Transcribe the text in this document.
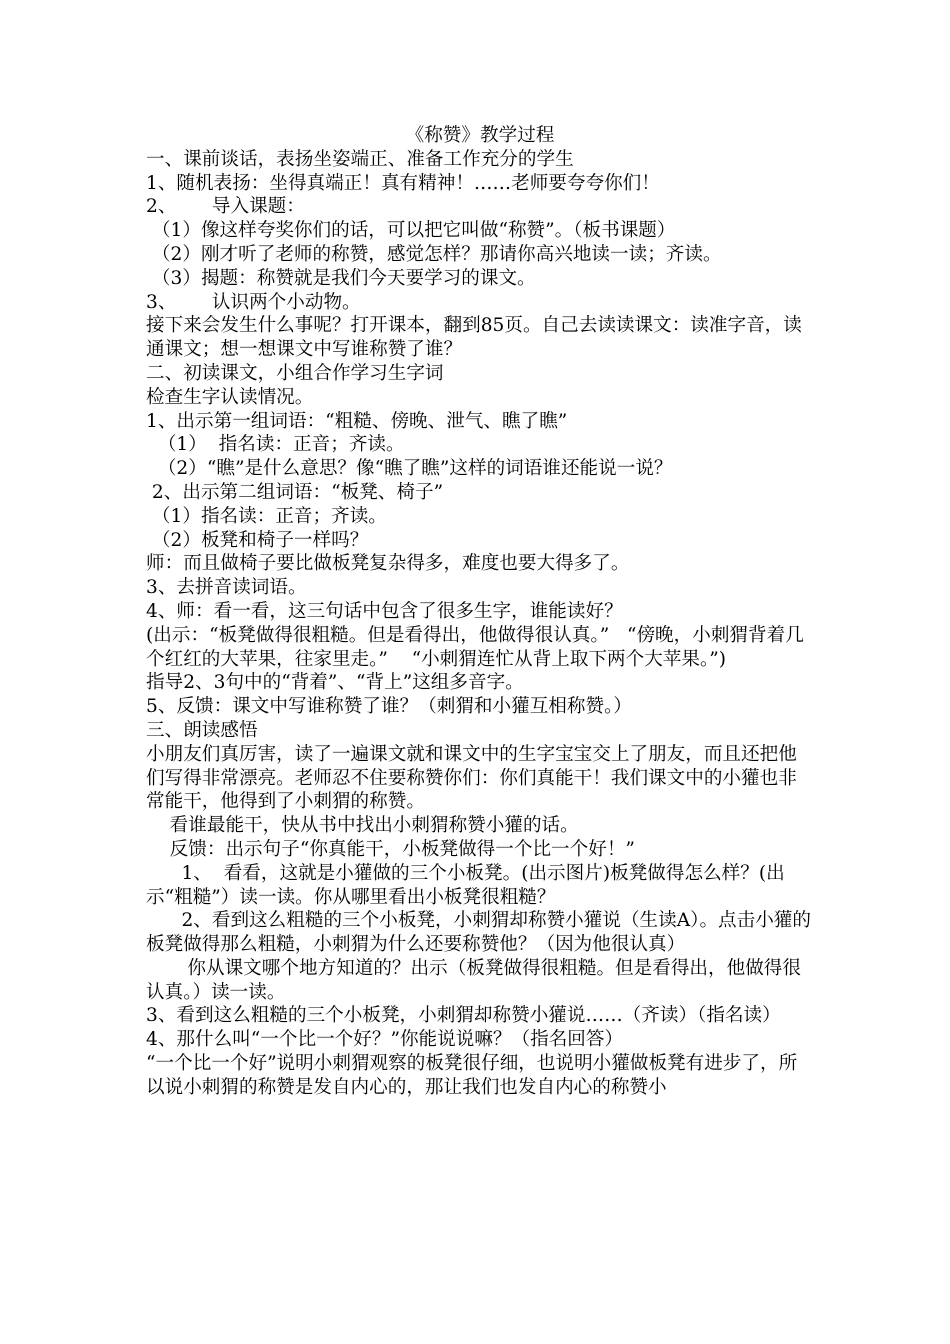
《称赞》教学过程

一、课前谈话，表扬坐姿端正、准备工作充分的学生

1、随机表扬：坐得真端正！真有精神！……老师要夸夸你们！

2、      导入课题：

（1）像这样夸奖你们的话，可以把它叫做“称赞”。（板书课题）

（2）刚才听了老师的称赞，感觉怎样？那请你高兴地读一读；齐读。

（3）揭题：称赞就是我们今天要学习的课文。

3、      认识两个小动物。

接下来会发生什么事呢？打开课本，翻到85页。自己去读读课文：读准字音，读通课文；想一想课文中写谁称赞了谁？

二、初读课文，小组合作学习生字词

检查生字认读情况。

1、出示第一组词语：“粗糙、傍晚、泄气、瞧了瞧”

（1）  指名读：正音；齐读。

（2）“瞧”是什么意思？像“瞧了瞧”这样的词语谁还能说一说？

2、出示第二组词语：“板凳、椅子”

（1）指名读：正音；齐读。

（2）板凳和椅子一样吗？

师：而且做椅子要比做板凳复杂得多，难度也要大得多了。

3、去拼音读词语。

4、师：看一看，这三句话中包含了很多生字，谁能读好？

(出示：“板凳做得很粗糙。但是看得出，他做得很认真。”   “傍晚，小刺猬背着几个红红的大苹果，往家里走。”    “小刺猬连忙从背上取下两个大苹果。”)

指导2、3句中的“背着”、“背上”这组多音字。

5、反馈：课文中写谁称赞了谁？（刺猬和小獾互相称赞。）

三、朗读感悟

小朋友们真厉害，读了一遍课文就和课文中的生字宝宝交上了朋友，而且还把他们写得非常漂亮。老师忍不住要称赞你们：你们真能干！我们课文中的小獾也非常能干，他得到了小刺猬的称赞。

看谁最能干，快从书中找出小刺猬称赞小獾的话。

反馈：出示句子“你真能干，小板凳做得一个比一个好！”

1、  看看，这就是小獾做的三个小板凳。(出示图片)板凳做得怎么样？(出示“粗糙”）读一读。你从哪里看出小板凳很粗糙？

2、看到这么粗糙的三个小板凳，小刺猬却称赞小獾说（生读A）。点击小獾的板凳做得那么粗糙，小刺猬为什么还要称赞他？（因为他很认真）

你从课文哪个地方知道的？出示（板凳做得很粗糙。但是看得出，他做得很认真。）读一读。

3、看到这么粗糙的三个小板凳，小刺猬却称赞小獾说……（齐读）（指名读）

4、那什么叫“一个比一个好？”你能说说嘛？（指名回答）

“一个比一个好”说明小刺猬观察的板凳很仔细，也说明小獾做板凳有进步了，所以说小刺猬的称赞是发自内心的，那让我们也发自内心的称赞小
